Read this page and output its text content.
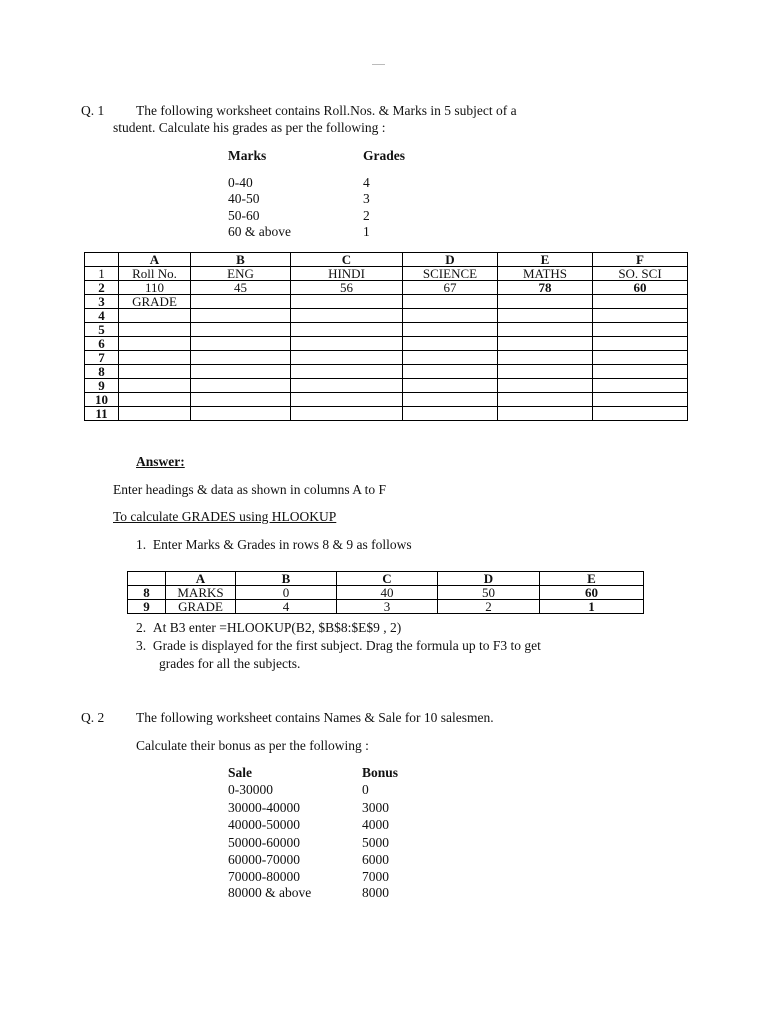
Q. 1 The following worksheet contains Roll.Nos. & Marks in 5 subject of a
student. Calculate his grades as per the following :
Marks	Grades
0-40	4
40-50	3
50-60	2
60 & above	1
	A	B	C	D	E	F
1	Roll No.	ENG	HINDI	SCIENCE	MATHS	SO. SCI
2	110	45	56	67	78	60
3	GRADE					
4						
5						
6						
7						
8						
9						
10						
11						
Answer:
Enter headings & data as shown in columns A to F
To calculate GRADES using HLOOKUP
1. Enter Marks & Grades in rows 8 & 9 as follows
	A	B	C	D	E
8	MARKS	0	40	50	60
9	GRADE	4	3	2	1
2. At B3 enter =HLOOKUP(B2, $B$8:$E$9 , 2)
3. Grade is displayed for the first subject. Drag the formula up to F3 to get
grades for all the subjects.
Q. 2 The following worksheet contains Names & Sale for 10 salesmen.
Calculate their bonus as per the following :
Sale	Bonus
0-30000	0
30000-40000	3000
40000-50000	4000
50000-60000	5000
60000-70000	6000
70000-80000	7000
80000 & above	8000
